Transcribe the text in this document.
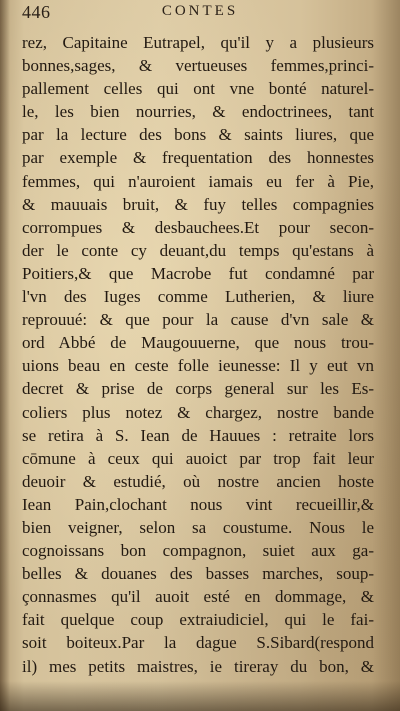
446	CONTES
rez, Capitaine Eutrapel, qu'il y a plusieurs
bonnes,sages, & vertueuses femmes,princi-
pallement celles qui ont vne bonté naturel-
le, les bien nourries, & endoctrinees, tant
par la lecture des bons & saints liures, que
par exemple & frequentation des honnestes
femmes, qui n'auroient iamais eu fer à Pie,
& mauuais bruit, & fuy telles compagnies
corrompues & desbauchees.Et pour secon-
der le conte cy deuant,du temps qu'estans à
Poitiers,& que Macrobe fut condamné par
l'vn des Iuges comme Lutherien, & liure
reprouué: & que pour la cause d'vn sale &
ord Abbé de Maugouuerne, que nous trou-
uions beau en ceste folle ieunesse: Il y eut vn
decret & prise de corps general sur les Es-
coliers plus notez & chargez, nostre bande
se retira à S. Iean de Hauues : retraite lors
cōmune à ceux qui auoict par trop fait leur
deuoir & estudié, où nostre ancien hoste
Iean Pain,clochant nous vint recueillir,&
bien veigner, selon sa coustume. Nous le
cognoissans bon compagnon, suiet aux ga-
belles & douanes des basses marches, soup-
çonnasmes qu'il auoit esté en dommage, &
fait quelque coup extraiudiciel, qui le fai-
soit boiteux.Par la dague S.Sibard(respond
il) mes petits maistres, ie tireray du bon, &
